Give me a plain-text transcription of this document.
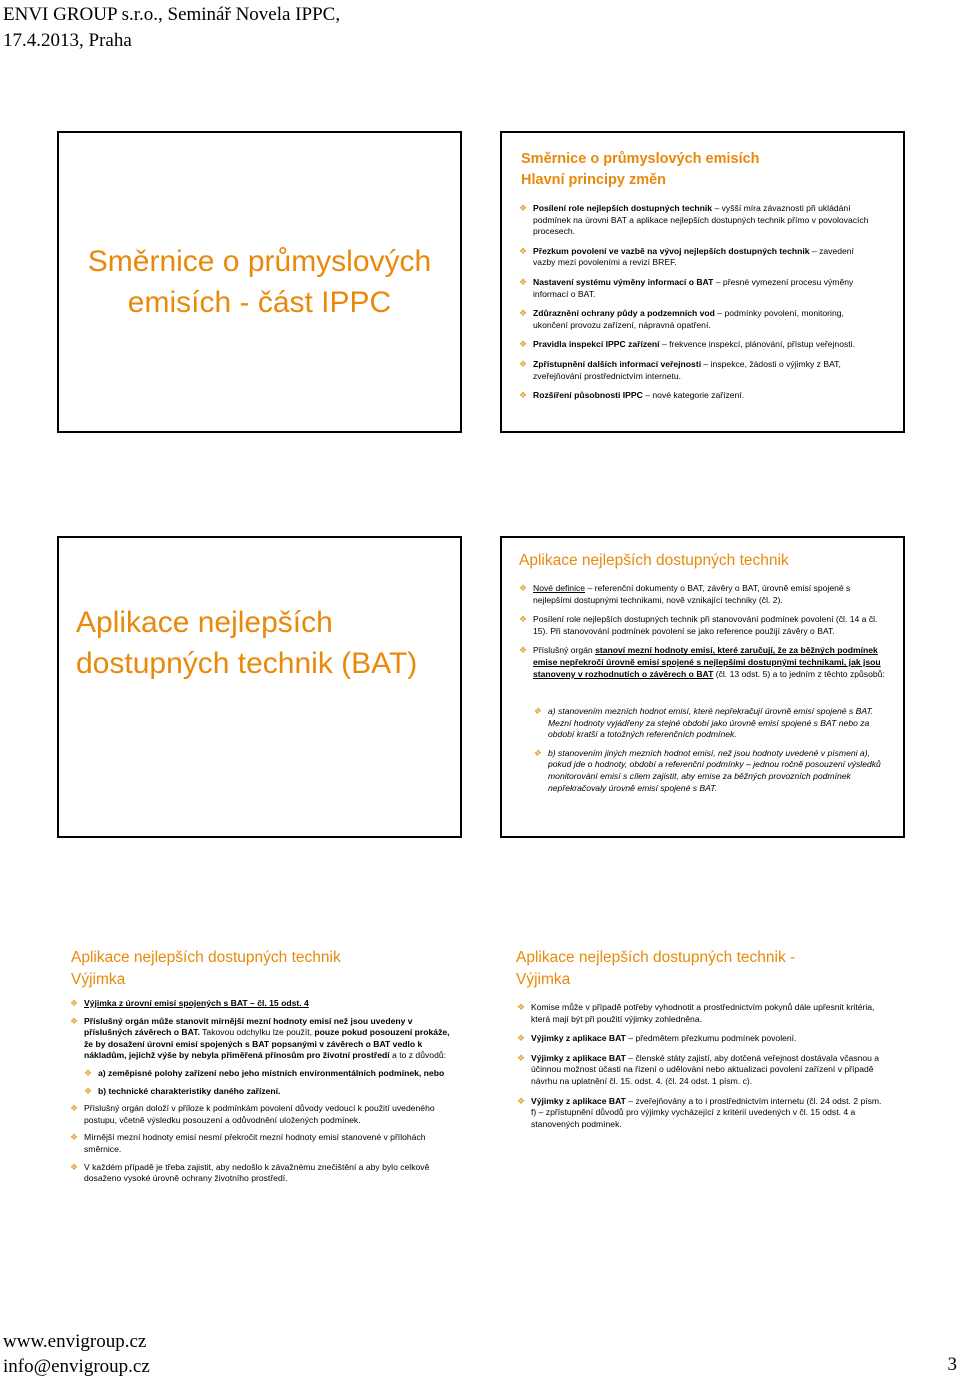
ENVI GROUP s.r.o., Seminář Novela IPPC,
17.4.2013, Praha
Směrnice o průmyslových
emisích - část IPPC
Směrnice o průmyslových emisích
Hlavní principy změn
❖ Posílení role nejlepších dostupných technik – vyšší míra závaznosti při ukládání podmínek na úrovni BAT a aplikace nejlepších dostupných technik přímo v povolovacích procesech.
❖ Přezkum povolení ve vazbě na vývoj nejlepších dostupných technik – zavedení vazby mezi povoleními a revizí BREF.
❖ Nastavení systému výměny informací o BAT – přesné vymezení procesu výměny informací o BAT.
❖ Zdůraznění ochrany půdy a podzemních vod – podmínky povolení, monitoring, ukončení provozu zařízení, nápravná opatření.
❖ Pravidla inspekcí IPPC zařízení – frekvence inspekcí, plánování, přístup veřejnosti.
❖ Zpřístupnění dalších informací veřejnosti – inspekce, žádosti o výjimky z BAT, zveřejňování prostřednictvím internetu.
❖ Rozšíření působnosti IPPC – nové kategorie zařízení.
Aplikace nejlepších
dostupných technik (BAT)
Aplikace nejlepších dostupných technik
❖ Nové definice – referenční dokumenty o BAT, závěry o BAT, úrovně emisí spojené s nejlepšími dostupnými technikami, nově vznikající techniky (čl. 2).
❖ Posílení role nejlepších dostupných technik při stanovování podmínek povolení (čl. 14 a čl. 15). Při stanovování podmínek povolení se jako reference použijí závěry o BAT.
❖ Příslušný orgán stanoví mezní hodnoty emisí, které zaručují, že za běžných podmínek emise nepřekročí úrovně emisí spojené s nejlepšími dostupnými technikami, jak jsou stanoveny v rozhodnutích o závěrech o BAT (čl. 13 odst. 5) a to jedním z těchto způsobů:
❖ a) stanovením mezních hodnot emisí, které nepřekračují úrovně emisí spojené s BAT. Mezní hodnoty vyjádřeny za stejné období jako úrovně emisí spojené s BAT nebo za období kratší a totožných referenčních podmínek.
❖ b) stanovením jiných mezních hodnot emisí, než jsou hodnoty uvedené v písmeni a), pokud jde o hodnoty, období a referenční podmínky – jednou ročně posouzení výsledků monitorování emisí s cílem zajistit, aby emise za běžných provozních podmínek nepřekračovaly úrovně emisí spojené s BAT.
Aplikace nejlepších dostupných technik
Výjimka
❖ Výjimka z úrovní emisí spojených s BAT – čl. 15 odst. 4
❖ Příslušný orgán může stanovit mírnější mezní hodnoty emisí než jsou uvedeny v příslušných závěrech o BAT. Takovou odchylku lze použít, pouze pokud posouzení prokáže, že by dosažení úrovní emisí spojených s BAT popsanými v závěrech o BAT vedlo k nákladům, jejichž výše by nebyla přiměřená přínosům pro životní prostředí a to z důvodů:
❖ a) zeměpisné polohy zařízení nebo jeho místních environmentálních podmínek, nebo
❖ b) technické charakteristiky daného zařízení.
❖ Příslušný orgán doloží v příloze k podmínkám povolení důvody vedoucí k použití uvedeného postupu, včetně výsledku posouzení a odůvodnění uložených podmínek.
❖ Mírnější mezní hodnoty emisí nesmí překročit mezní hodnoty emisí stanovené v přílohách směrnice.
❖ V každém případě je třeba zajistit, aby nedošlo k závažnému znečištění a aby bylo celkově dosaženo vysoké úrovně ochrany životního prostředí.
Aplikace nejlepších dostupných technik -
Výjimka
❖ Komise může v případě potřeby vyhodnotit a prostřednictvím pokynů dále upřesnit kritéria, která mají být při použití výjimky zohledněna.
❖ Výjimky z aplikace BAT – předmětem přezkumu podmínek povolení.
❖ Výjimky z aplikace BAT – členské státy zajistí, aby dotčená veřejnost dostávala včasnou a účinnou možnost účasti na řízení o udělování nebo aktualizaci povolení zařízení v případě návrhu na uplatnění čl. 15. odst. 4. (čl. 24 odst. 1 písm. c).
❖ Výjimky z aplikace BAT – zveřejňovány a to i prostřednictvím internetu (čl. 24 odst. 2 písm. f) – zpřístupnění důvodů pro výjimky vycházející z kritérií uvedených v čl. 15 odst. 4 a stanovených podmínek.
www.envigroup.cz
info@envigroup.cz	3
